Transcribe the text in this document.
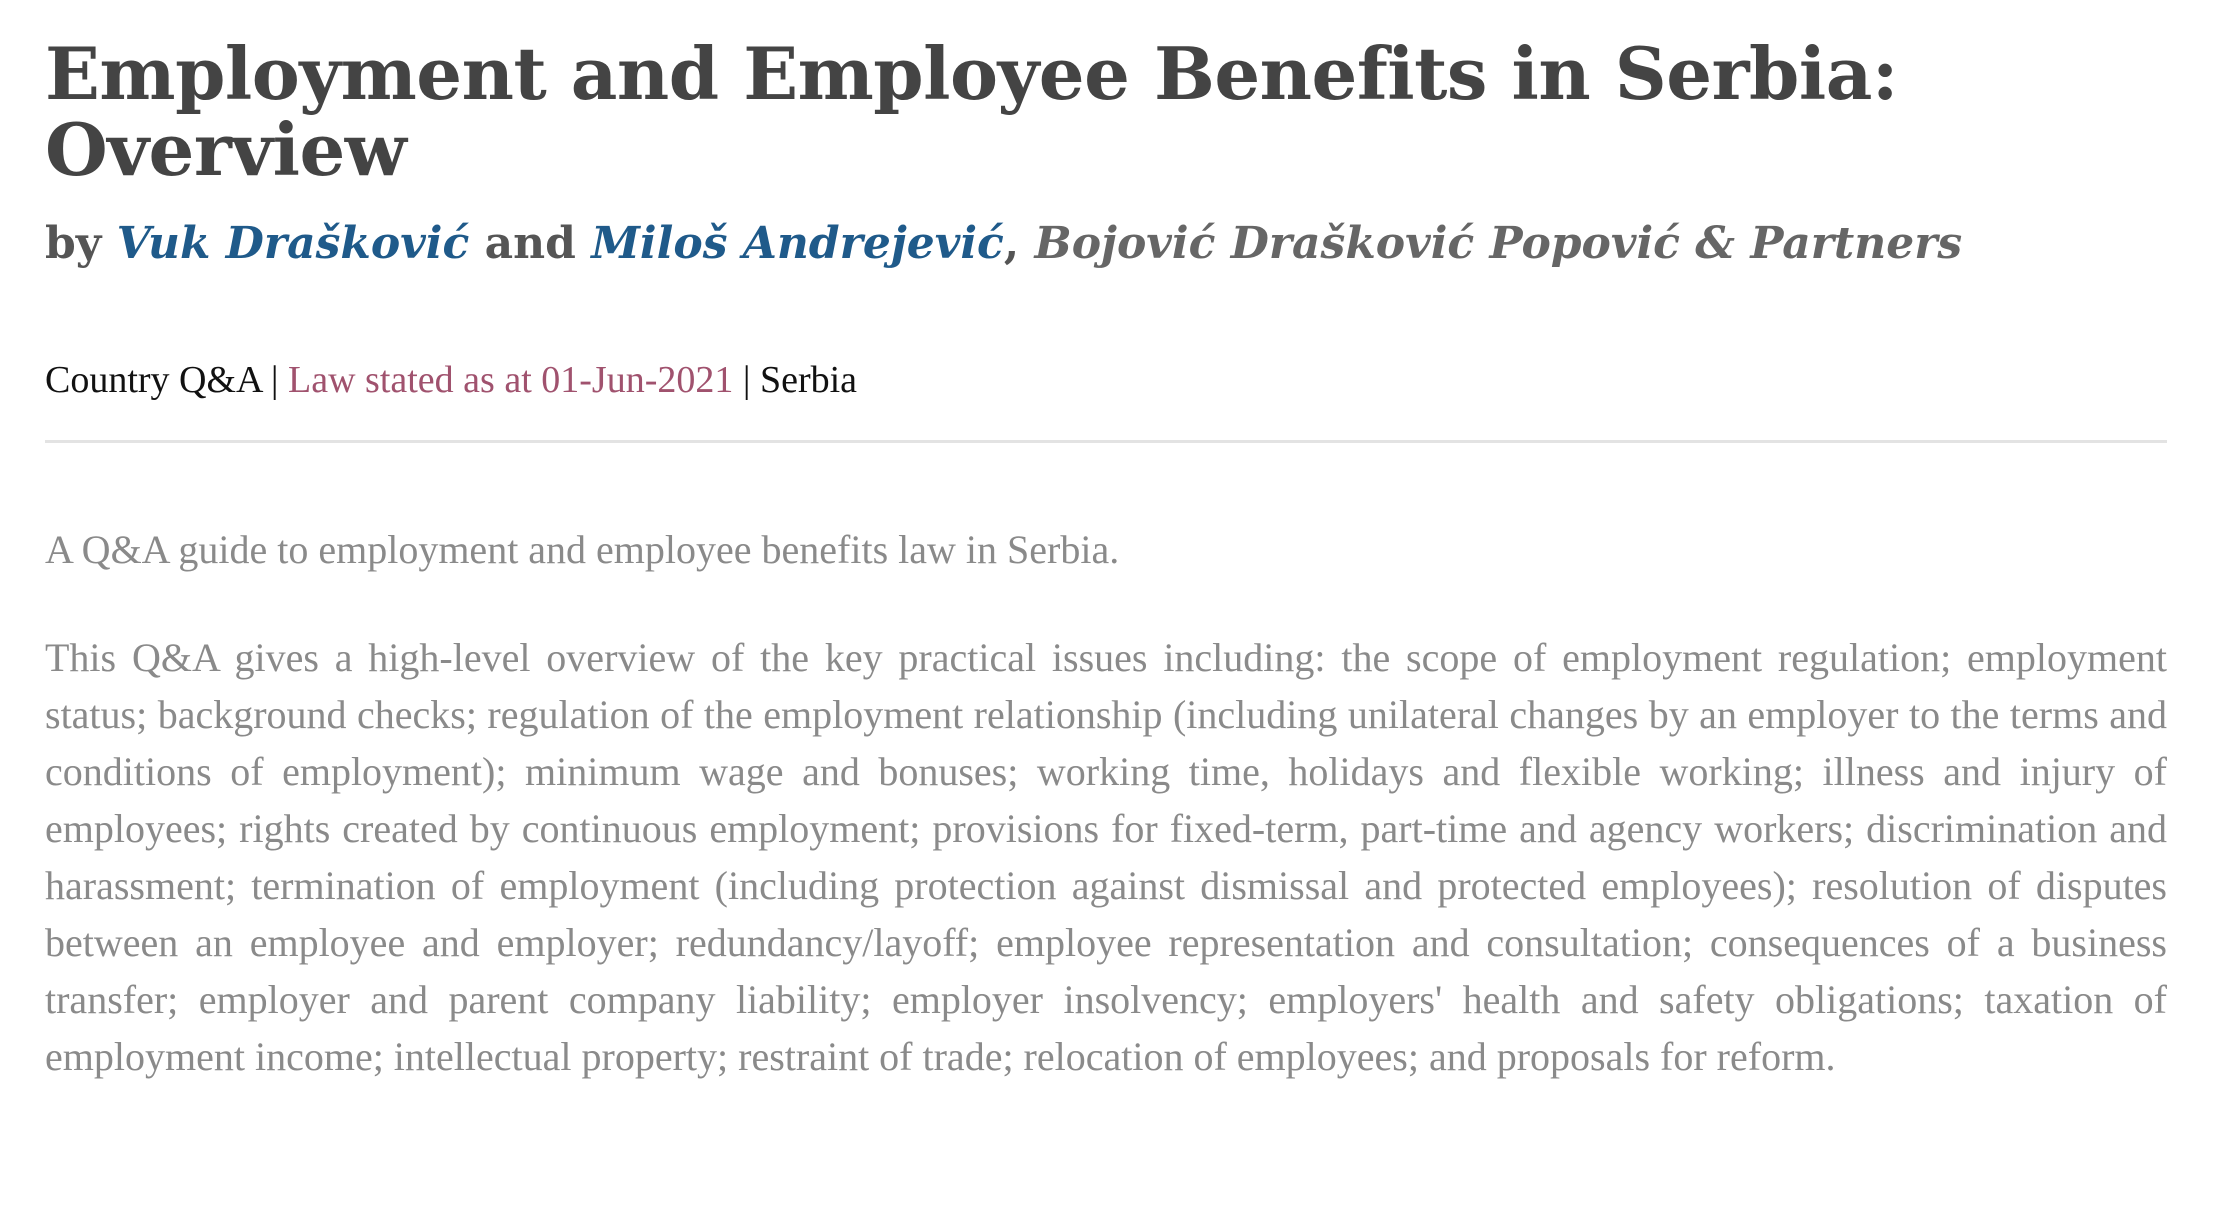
Employment and Employee Benefits in Serbia: Overview
by Vuk Drašković and Miloš Andrejević, Bojović Drašković Popović & Partners
Country Q&A | Law stated as at 01-Jun-2021 | Serbia

A Q&A guide to employment and employee benefits law in Serbia.

This Q&A gives a high-level overview of the key practical issues including: the scope of employment regulation; employment status; background checks; regulation of the employment relationship (including unilateral changes by an employer to the terms and conditions of employment); minimum wage and bonuses; working time, holidays and flexible working; illness and injury of employees; rights created by continuous employment; provisions for fixed-term, part-time and agency workers; discrimination and harassment; termination of employment (including protection against dismissal and protected employees); resolution of disputes between an employee and employer; redundancy/layoff; employee representation and consultation; consequences of a business transfer; employer and parent company liability; employer insolvency; employers' health and safety obligations; taxation of employment income; intellectual property; restraint of trade; relocation of employees; and proposals for reform.
